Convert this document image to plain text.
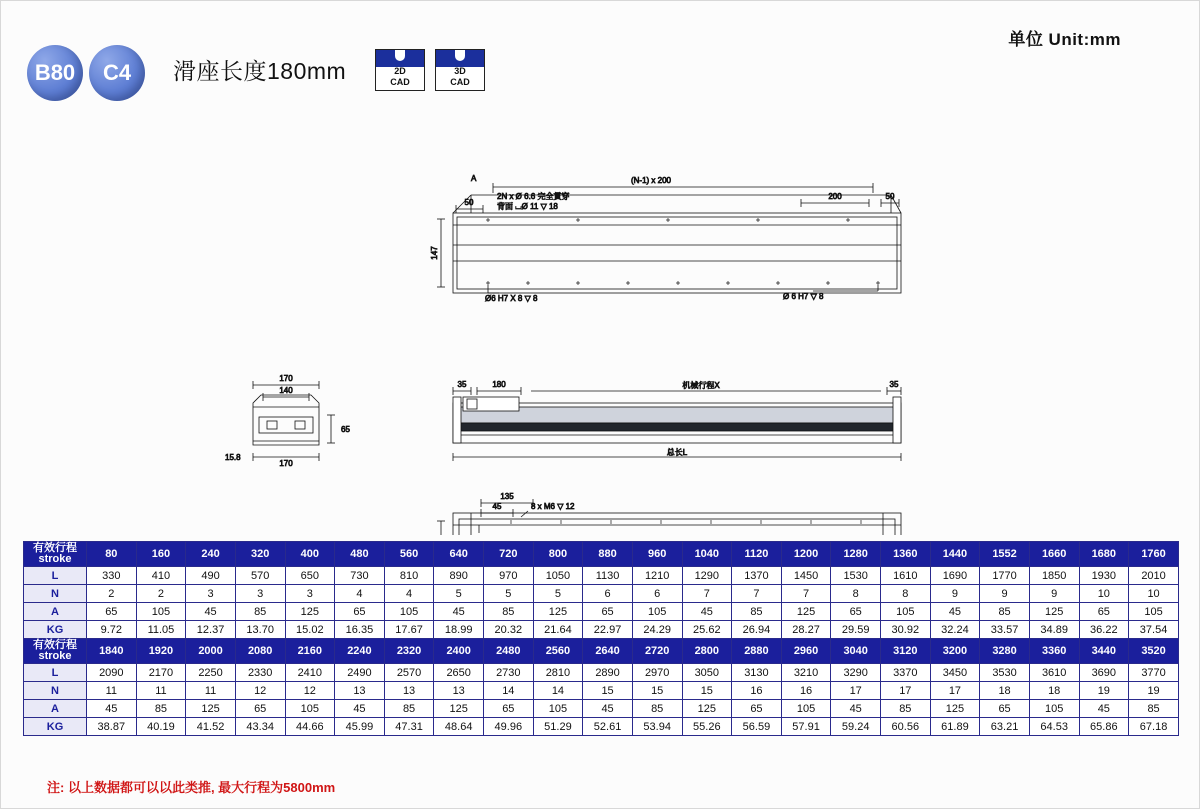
单位 Unit:mm
B80	C4	滑座长度180mm	2D
CAD
3D
CAD
A	(N-1) x 200
200	50
50
2N x Ø 6.6 完全貫穿
背面 ⌴Ø 11 ▽ 18
147
Ø6 H7 X 8 ▽ 8	Ø 6 H7 ▽ 8
170
140
65
15.8
170
35	180	机械行程X	35
总长L
135
45	8 x M6 ▽ 12
有效行程
stroke	80	160	240	320	400	480	560	640	720	800	880	960	1040	1120	1200	1280	1360	1440	1552	1660	1680	1760
L	330	410	490	570	650	730	810	890	970	1050	1130	1210	1290	1370	1450	1530	1610	1690	1770	1850	1930	2010
N	2	2	3	3	3	4	4	5	5	5	6	6	7	7	7	8	8	9	9	9	10	10
A	65	105	45	85	125	65	105	45	85	125	65	105	45	85	125	65	105	45	85	125	65	105
KG	9.72	11.05	12.37	13.70	15.02	16.35	17.67	18.99	20.32	21.64	22.97	24.29	25.62	26.94	28.27	29.59	30.92	32.24	33.57	34.89	36.22	37.54
有效行程
stroke	1840	1920	2000	2080	2160	2240	2320	2400	2480	2560	2640	2720	2800	2880	2960	3040	3120	3200	3280	3360	3440	3520
L	2090	2170	2250	2330	2410	2490	2570	2650	2730	2810	2890	2970	3050	3130	3210	3290	3370	3450	3530	3610	3690	3770
N	11	11	11	12	12	13	13	13	14	14	15	15	15	16	16	17	17	17	18	18	19	19
A	45	85	125	65	105	45	85	125	65	105	45	85	125	65	105	45	85	125	65	105	45	85
KG	38.87	40.19	41.52	43.34	44.66	45.99	47.31	48.64	49.96	51.29	52.61	53.94	55.26	56.59	57.91	59.24	60.56	61.89	63.21	64.53	65.86	67.18
注: 以上数据都可以以此类推, 最大行程为5800mm
